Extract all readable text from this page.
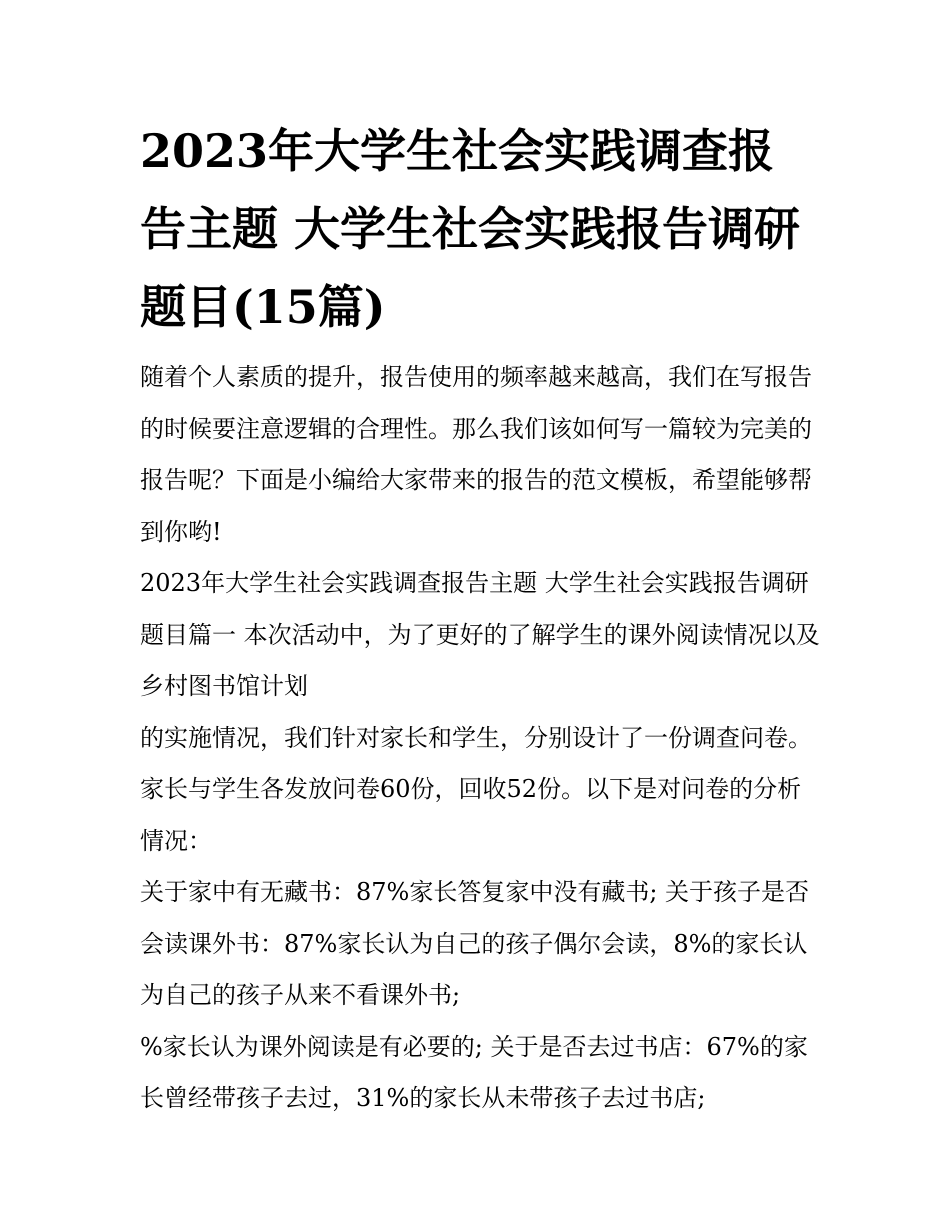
2023年大学生社会实践调查报告主题 大学生社会实践报告调研题目(15篇)

随着个人素质的提升，报告使用的频率越来越高，我们在写报告的时候要注意逻辑的合理性。那么我们该如何写一篇较为完美的报告呢？下面是小编给大家带来的报告的范文模板，希望能够帮到你哟!

2023年大学生社会实践调查报告主题 大学生社会实践报告调研题目篇一 本次活动中，为了更好的了解学生的课外阅读情况以及 乡村图书馆计划

的实施情况，我们针对家长和学生，分别设计了一份调查问卷。家长与学生各发放问卷60份，回收52份。以下是对问卷的分析情况：

关于家中有无藏书：87%家长答复家中没有藏书; 关于孩子是否会读课外书：87%家长认为自己的孩子偶尔会读，8%的家长认为自己的孩子从来不看课外书;

%家长认为课外阅读是有必要的; 关于是否去过书店：67%的家长曾经带孩子去过，31%的家长从未带孩子去过书店;
